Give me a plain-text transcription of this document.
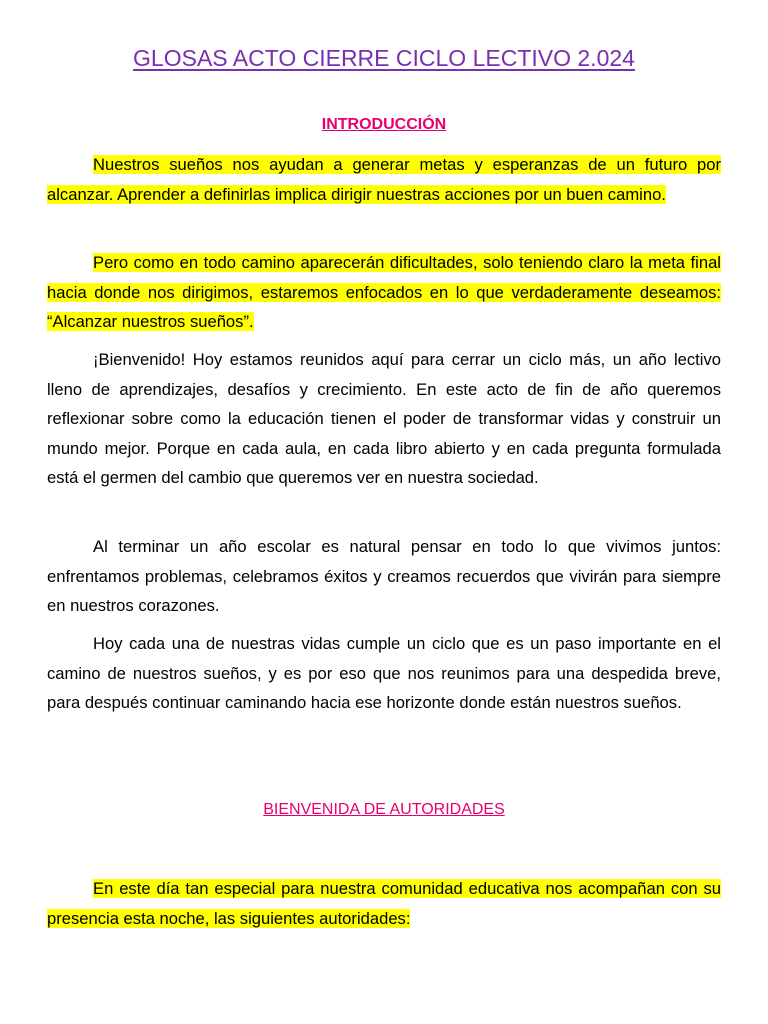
GLOSAS ACTO CIERRE CICLO LECTIVO 2.024
INTRODUCCIÓN

Nuestros sueños nos ayudan a generar metas y esperanzas de un futuro por alcanzar. Aprender a definirlas implica dirigir nuestras acciones por un buen camino.

Pero como en todo camino aparecerán dificultades, solo teniendo claro la meta final hacia donde nos dirigimos, estaremos enfocados en lo que verdaderamente deseamos: “Alcanzar nuestros sueños”.

¡Bienvenido! Hoy estamos reunidos aquí para cerrar un ciclo más, un año lectivo lleno de aprendizajes, desafíos y crecimiento. En este acto de fin de año queremos reflexionar sobre como la educación tienen el poder de transformar vidas y construir un mundo mejor. Porque en cada aula, en cada libro abierto y en cada pregunta formulada está el germen del cambio que queremos ver en nuestra sociedad.

Al terminar un año escolar es natural pensar en todo lo que vivimos juntos: enfrentamos problemas, celebramos éxitos y creamos recuerdos que vivirán para siempre en nuestros corazones.

Hoy cada una de nuestras vidas cumple un ciclo que es un paso importante en el camino de nuestros sueños, y es por eso que nos reunimos para una despedida breve, para después continuar caminando hacia ese horizonte donde están nuestros sueños.

BIENVENIDA DE AUTORIDADES

En este día tan especial para nuestra comunidad educativa nos acompañan con su presencia esta noche, las siguientes autoridades:
